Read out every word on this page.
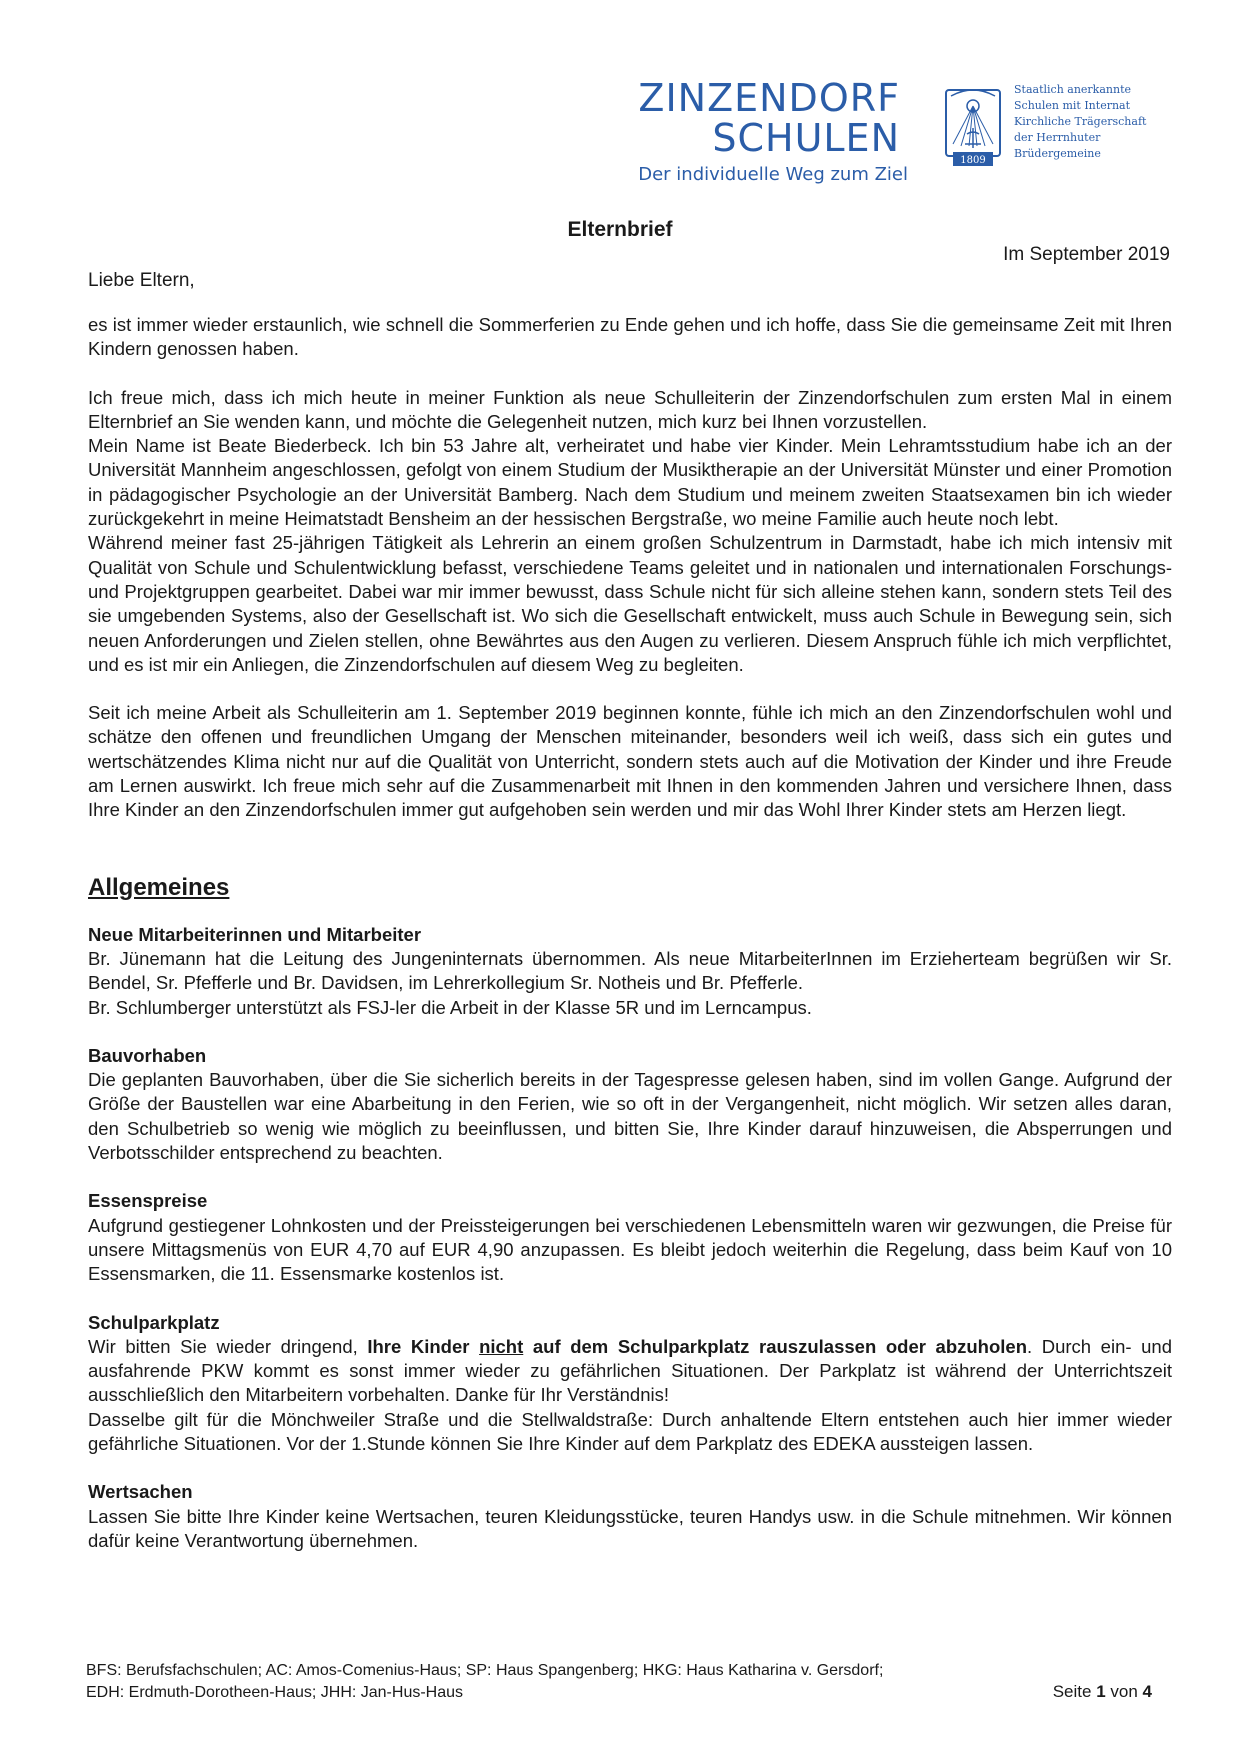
ZINZENDORF
SCHULEN
Der individuelle Weg zum Ziel
1809
Staatlich anerkannte
Schulen mit Internat
Kirchliche Trägerschaft
der Herrnhuter
Brüdergemeine
Elternbrief
Im September 2019
Liebe Eltern,

es ist immer wieder erstaunlich, wie schnell die Sommerferien zu Ende gehen und ich hoffe, dass Sie die gemeinsame Zeit mit Ihren Kindern genossen haben.

Ich freue mich, dass ich mich heute in meiner Funktion als neue Schulleiterin der Zinzendorfschulen zum ersten Mal in einem Elternbrief an Sie wenden kann, und möchte die Gelegenheit nutzen, mich kurz bei Ihnen vorzustellen.

Mein Name ist Beate Biederbeck. Ich bin 53 Jahre alt, verheiratet und habe vier Kinder. Mein Lehramtsstudium habe ich an der Universität Mannheim angeschlossen, gefolgt von einem Studium der Musiktherapie an der Universität Münster und einer Promotion in pädagogischer Psychologie an der Universität Bamberg. Nach dem Studium und meinem zweiten Staatsexamen bin ich wieder zurückgekehrt in meine Heimatstadt Bensheim an der hessischen Bergstraße, wo meine Familie auch heute noch lebt.

Während meiner fast 25-jährigen Tätigkeit als Lehrerin an einem großen Schulzentrum in Darmstadt, habe ich mich intensiv mit Qualität von Schule und Schulentwicklung befasst, verschiedene Teams geleitet und in nationalen und internationalen Forschungs- und Projektgruppen gearbeitet. Dabei war mir immer bewusst, dass Schule nicht für sich alleine stehen kann, sondern stets Teil des sie umgebenden Systems, also der Gesellschaft ist. Wo sich die Gesellschaft entwickelt, muss auch Schule in Bewegung sein, sich neuen Anforderungen und Zielen stellen, ohne Bewährtes aus den Augen zu verlieren. Diesem Anspruch fühle ich mich verpflichtet, und es ist mir ein Anliegen, die Zinzendorfschulen auf diesem Weg zu begleiten.

Seit ich meine Arbeit als Schulleiterin am 1. September 2019 beginnen konnte, fühle ich mich an den Zinzendorfschulen wohl und schätze den offenen und freundlichen Umgang der Menschen miteinander, besonders weil ich weiß, dass sich ein gutes und wertschätzendes Klima nicht nur auf die Qualität von Unterricht, sondern stets auch auf die Motivation der Kinder und ihre Freude am Lernen auswirkt. Ich freue mich sehr auf die Zusammenarbeit mit Ihnen in den kommenden Jahren und versichere Ihnen, dass Ihre Kinder an den Zinzendorfschulen immer gut aufgehoben sein werden und mir das Wohl Ihrer Kinder stets am Herzen liegt.

Allgemeines

Neue Mitarbeiterinnen und Mitarbeiter

Br. Jünemann hat die Leitung des Jungeninternats übernommen. Als neue MitarbeiterInnen im Erzieherteam begrüßen wir Sr. Bendel, Sr. Pfefferle und Br. Davidsen, im Lehrerkollegium Sr. Notheis und Br. Pfefferle.

Br. Schlumberger unterstützt als FSJ-ler die Arbeit in der Klasse 5R und im Lerncampus.

Bauvorhaben

Die geplanten Bauvorhaben, über die Sie sicherlich bereits in der Tagespresse gelesen haben, sind im vollen Gange. Aufgrund der Größe der Baustellen war eine Abarbeitung in den Ferien, wie so oft in der Vergangenheit, nicht möglich. Wir setzen alles daran, den Schulbetrieb so wenig wie möglich zu beeinflussen, und bitten Sie, Ihre Kinder darauf hinzuweisen, die Absperrungen und Verbotsschilder entsprechend zu beachten.

Essenspreise

Aufgrund gestiegener Lohnkosten und der Preissteigerungen bei verschiedenen Lebensmitteln waren wir gezwungen, die Preise für unsere Mittagsmenüs von EUR 4,70 auf EUR 4,90 anzupassen. Es bleibt jedoch weiterhin die Regelung, dass beim Kauf von 10 Essensmarken, die 11. Essensmarke kostenlos ist.

Schulparkplatz

Wir bitten Sie wieder dringend, Ihre Kinder nicht auf dem Schulparkplatz rauszulassen oder abzuholen. Durch ein- und ausfahrende PKW kommt es sonst immer wieder zu gefährlichen Situationen. Der Parkplatz ist während der Unterrichtszeit ausschließlich den Mitarbeitern vorbehalten. Danke für Ihr Verständnis!

Dasselbe gilt für die Mönchweiler Straße und die Stellwaldstraße: Durch anhaltende Eltern entstehen auch hier immer wieder gefährliche Situationen. Vor der 1.Stunde können Sie Ihre Kinder auf dem Parkplatz des EDEKA aussteigen lassen.

Wertsachen

Lassen Sie bitte Ihre Kinder keine Wertsachen, teuren Kleidungsstücke, teuren Handys usw. in die Schule mitnehmen. Wir können dafür keine Verantwortung übernehmen.

BFS: Berufsfachschulen; AC: Amos-Comenius-Haus; SP: Haus Spangenberg; HKG: Haus Katharina v. Gersdorf;
EDH: Erdmuth-Dorotheen-Haus; JHH: Jan-Hus-Haus	Seite 1 von 4
